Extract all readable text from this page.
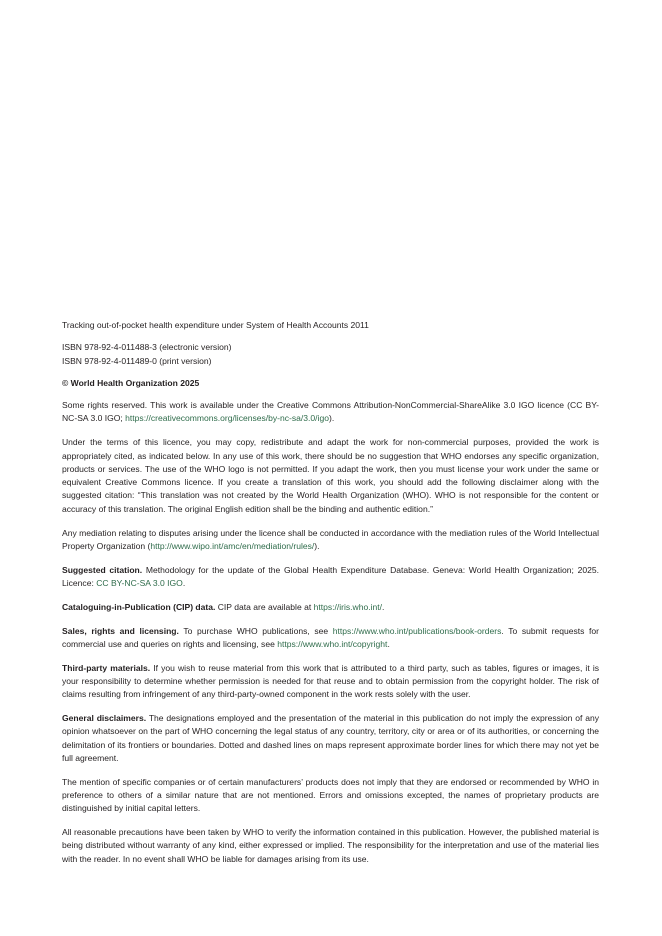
Tracking out-of-pocket health expenditure under System of Health Accounts 2011

ISBN 978-92-4-011488-3 (electronic version)
ISBN 978-92-4-011489-0 (print version)

© World Health Organization 2025

Some rights reserved. This work is available under the Creative Commons Attribution-NonCommercial-ShareAlike 3.0 IGO licence (CC BY-NC-SA 3.0 IGO; https://creativecommons.org/licenses/by-nc-sa/3.0/igo).

Under the terms of this licence, you may copy, redistribute and adapt the work for non-commercial purposes, provided the work is appropriately cited, as indicated below. In any use of this work, there should be no suggestion that WHO endorses any specific organization, products or services. The use of the WHO logo is not permitted. If you adapt the work, then you must license your work under the same or equivalent Creative Commons licence. If you create a translation of this work, you should add the following disclaimer along with the suggested citation: “This translation was not created by the World Health Organization (WHO). WHO is not responsible for the content or accuracy of this translation. The original English edition shall be the binding and authentic edition.”

Any mediation relating to disputes arising under the licence shall be conducted in accordance with the mediation rules of the World Intellectual Property Organization (http://www.wipo.int/amc/en/mediation/rules/).

Suggested citation. Methodology for the update of the Global Health Expenditure Database. Geneva: World Health Organization; 2025. Licence: CC BY-NC-SA 3.0 IGO.

Cataloguing-in-Publication (CIP) data. CIP data are available at https://iris.who.int/.

Sales, rights and licensing. To purchase WHO publications, see https://www.who.int/publications/book-orders. To submit requests for commercial use and queries on rights and licensing, see https://www.who.int/copyright.

Third-party materials. If you wish to reuse material from this work that is attributed to a third party, such as tables, figures or images, it is your responsibility to determine whether permission is needed for that reuse and to obtain permission from the copyright holder. The risk of claims resulting from infringement of any third-party-owned component in the work rests solely with the user.

General disclaimers. The designations employed and the presentation of the material in this publication do not imply the expression of any opinion whatsoever on the part of WHO concerning the legal status of any country, territory, city or area or of its authorities, or concerning the delimitation of its frontiers or boundaries. Dotted and dashed lines on maps represent approximate border lines for which there may not yet be full agreement.

The mention of specific companies or of certain manufacturers’ products does not imply that they are endorsed or recommended by WHO in preference to others of a similar nature that are not mentioned. Errors and omissions excepted, the names of proprietary products are distinguished by initial capital letters.

All reasonable precautions have been taken by WHO to verify the information contained in this publication. However, the published material is being distributed without warranty of any kind, either expressed or implied. The responsibility for the interpretation and use of the material lies with the reader. In no event shall WHO be liable for damages arising from its use.
